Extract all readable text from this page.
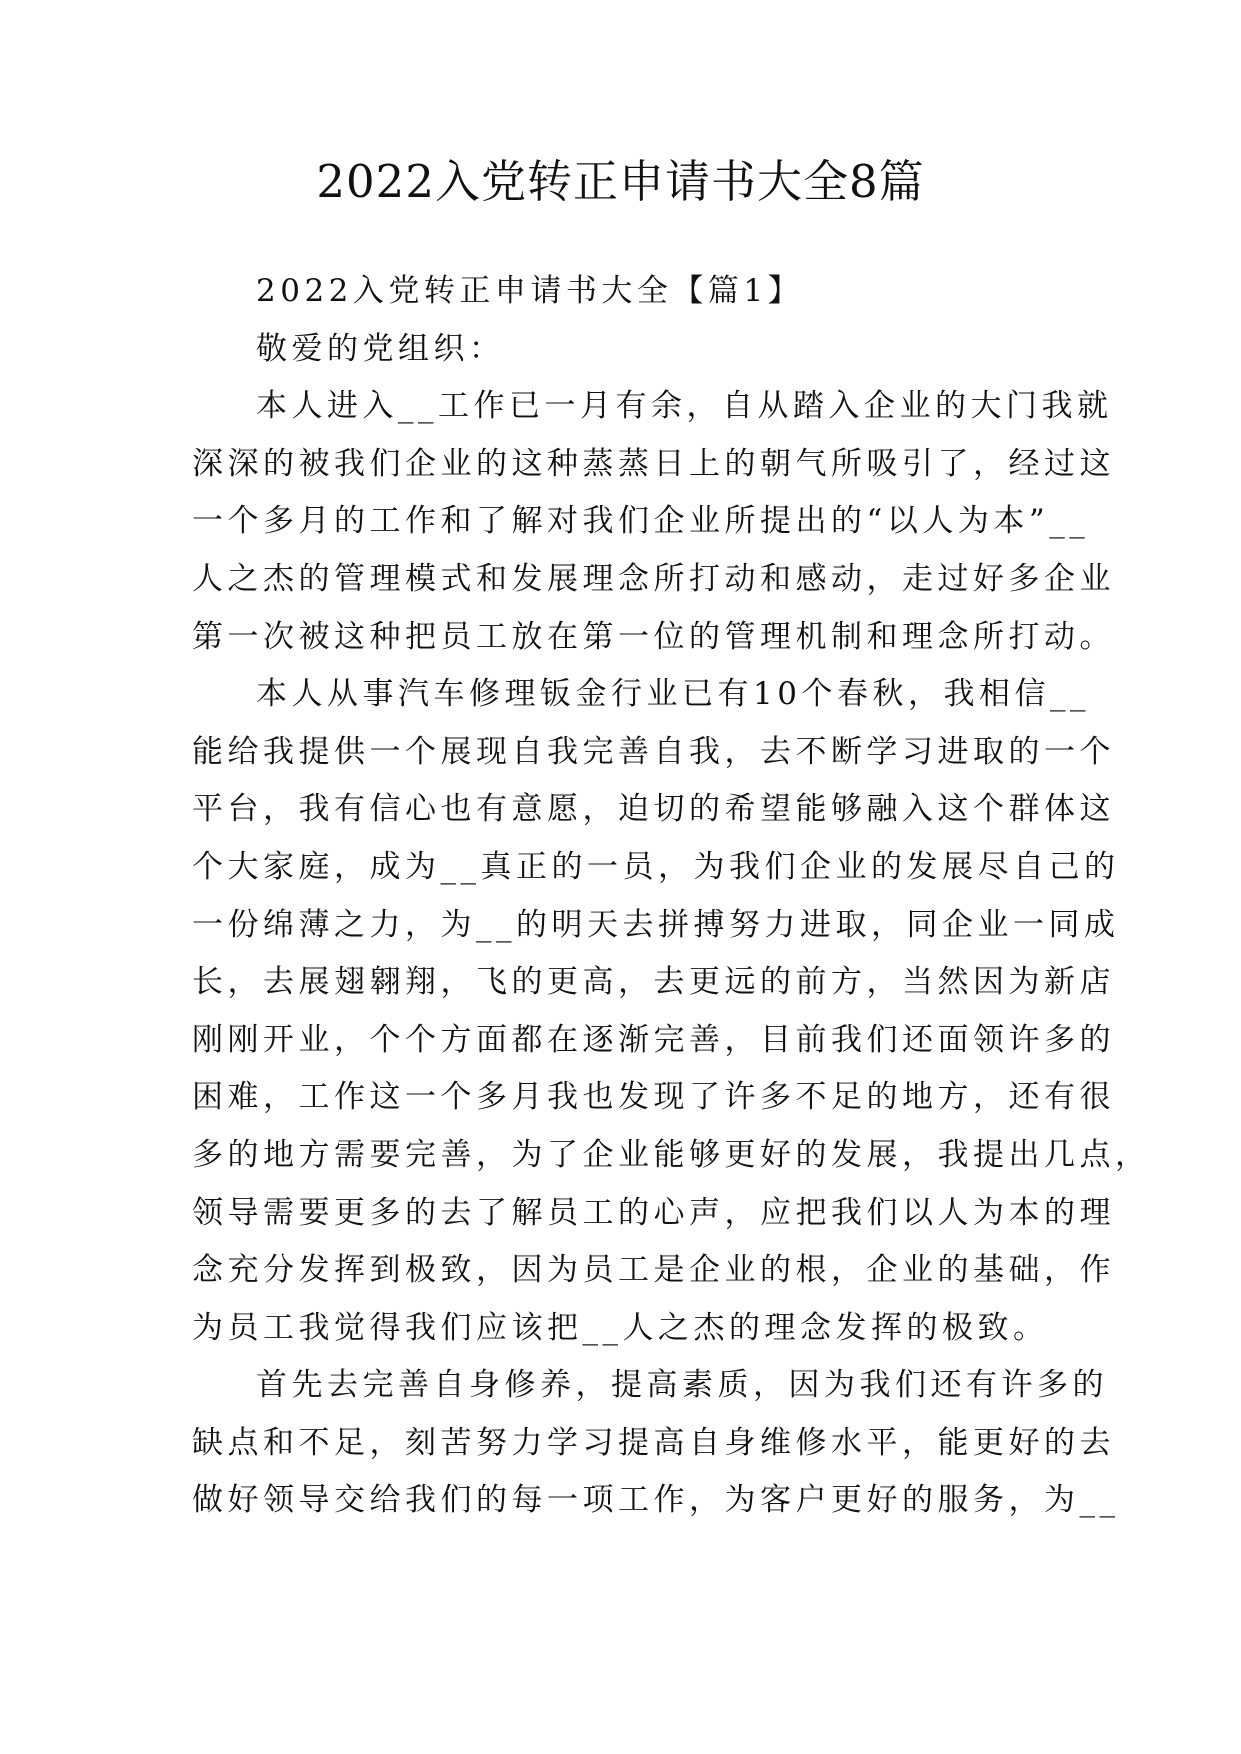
2022入党转正申请书大全8篇
2022入党转正申请书大全【篇1】
敬爱的党组织：
本人进入__工作已一月有余，自从踏入企业的大门我就
深深的被我们企业的这种蒸蒸日上的朝气所吸引了，经过这
一个多月的工作和了解对我们企业所提出的“以人为本”__
人之杰的管理模式和发展理念所打动和感动，走过好多企业
第一次被这种把员工放在第一位的管理机制和理念所打动。
本人从事汽车修理钣金行业已有10个春秋，我相信__
能给我提供一个展现自我完善自我，去不断学习进取的一个
平台，我有信心也有意愿，迫切的希望能够融入这个群体这
个大家庭，成为__真正的一员，为我们企业的发展尽自己的
一份绵薄之力，为__的明天去拼搏努力进取，同企业一同成
长，去展翅翱翔，飞的更高，去更远的前方，当然因为新店
刚刚开业，个个方面都在逐渐完善，目前我们还面领许多的
困难，工作这一个多月我也发现了许多不足的地方，还有很
多的地方需要完善，为了企业能够更好的发展，我提出几点，
领导需要更多的去了解员工的心声，应把我们以人为本的理
念充分发挥到极致，因为员工是企业的根，企业的基础，作
为员工我觉得我们应该把__人之杰的理念发挥的极致。
首先去完善自身修养，提高素质，因为我们还有许多的
缺点和不足，刻苦努力学习提高自身维修水平，能更好的去
做好领导交给我们的每一项工作，为客户更好的服务，为__
